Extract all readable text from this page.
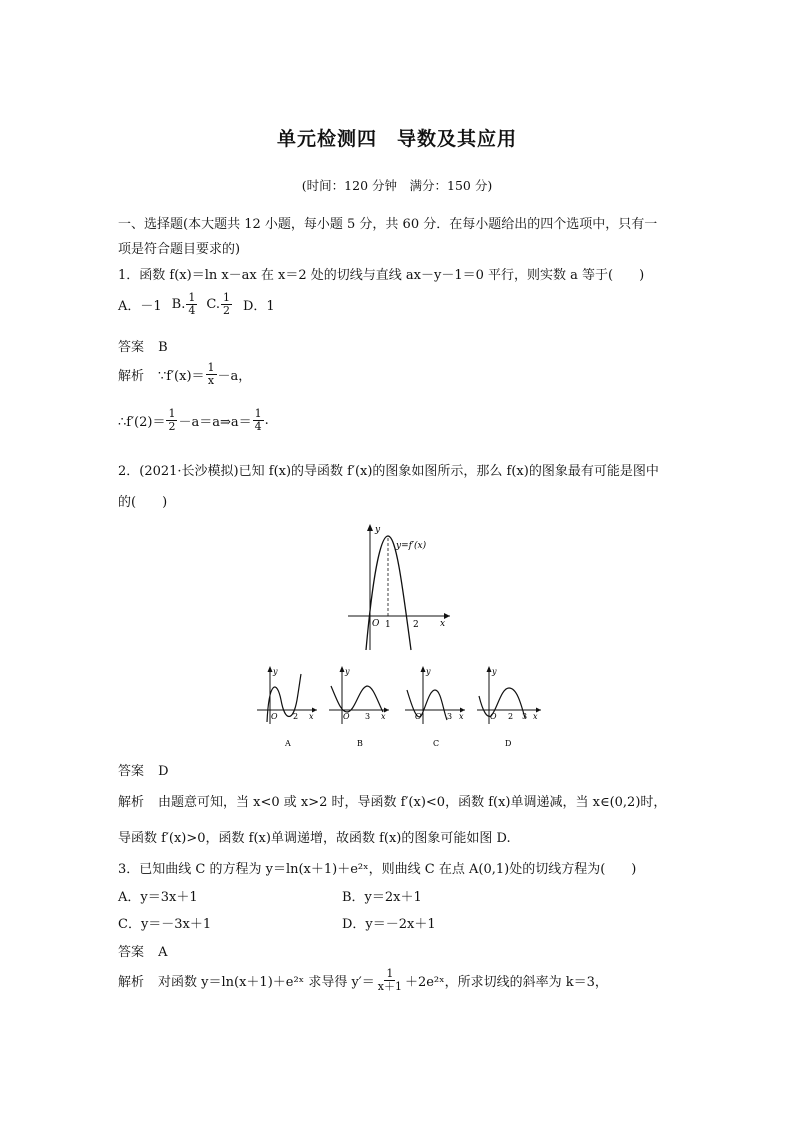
单元检测四　导数及其应用
(时间：120 分钟　满分：150 分)
一、选择题(本大题共 12 小题，每小题 5 分，共 60 分．在每小题给出的四个选项中，只有一
项是符合题目要求的)
1．函数 f(x)＝ln x－ax 在 x＝2 处的切线与直线 ax－y－1＝0 平行，则实数 a 等于(　　)
A．－1 B. $\frac{1}{4} C$. $\frac{1}{2}$ D．1
答案 B
解析 ∵f′(x)＝ $\frac{1}{x} -a$，
∴f′(2)＝ $\frac{1}{2}$ －a＝a⇒a＝ $\frac{1}{4}$ .
2．(2021·长沙模拟)已知 f(x)的导函数 f′(x)的图象如图所示，那么 f(x)的图象最有可能是图中
的(　　)
y
y=f′(x)
x
O 1 2
y
O 2 x
A
y
O 3 x
B
y
O	3 x
C
y
O 2 3 x
D
答案 D
解析 由题意可知，当 x<0 或 x>2 时，导函数 f′(x)<0，函数 f(x)单调递减，当 x∈(0,2)时，
导函数 f′(x)>0，函数 f(x)单调递增，故函数 f(x)的图象可能如图 D.
3．已知曲线 C 的方程为 y＝ln(x＋1)＋e²ˣ，则曲线 C 在点 A(0,1)处的切线方程为(　　)
A．y＝3x＋1	B．y＝2x＋1
C．y＝－3x＋1	D．y＝－2x＋1
答案 A
解析 对函数 y＝ln(x＋1)＋e²ˣ 求导得 $y'= \frac{1}{x+1}$ ＋2e²ˣ，所求切线的斜率为 k＝3，
